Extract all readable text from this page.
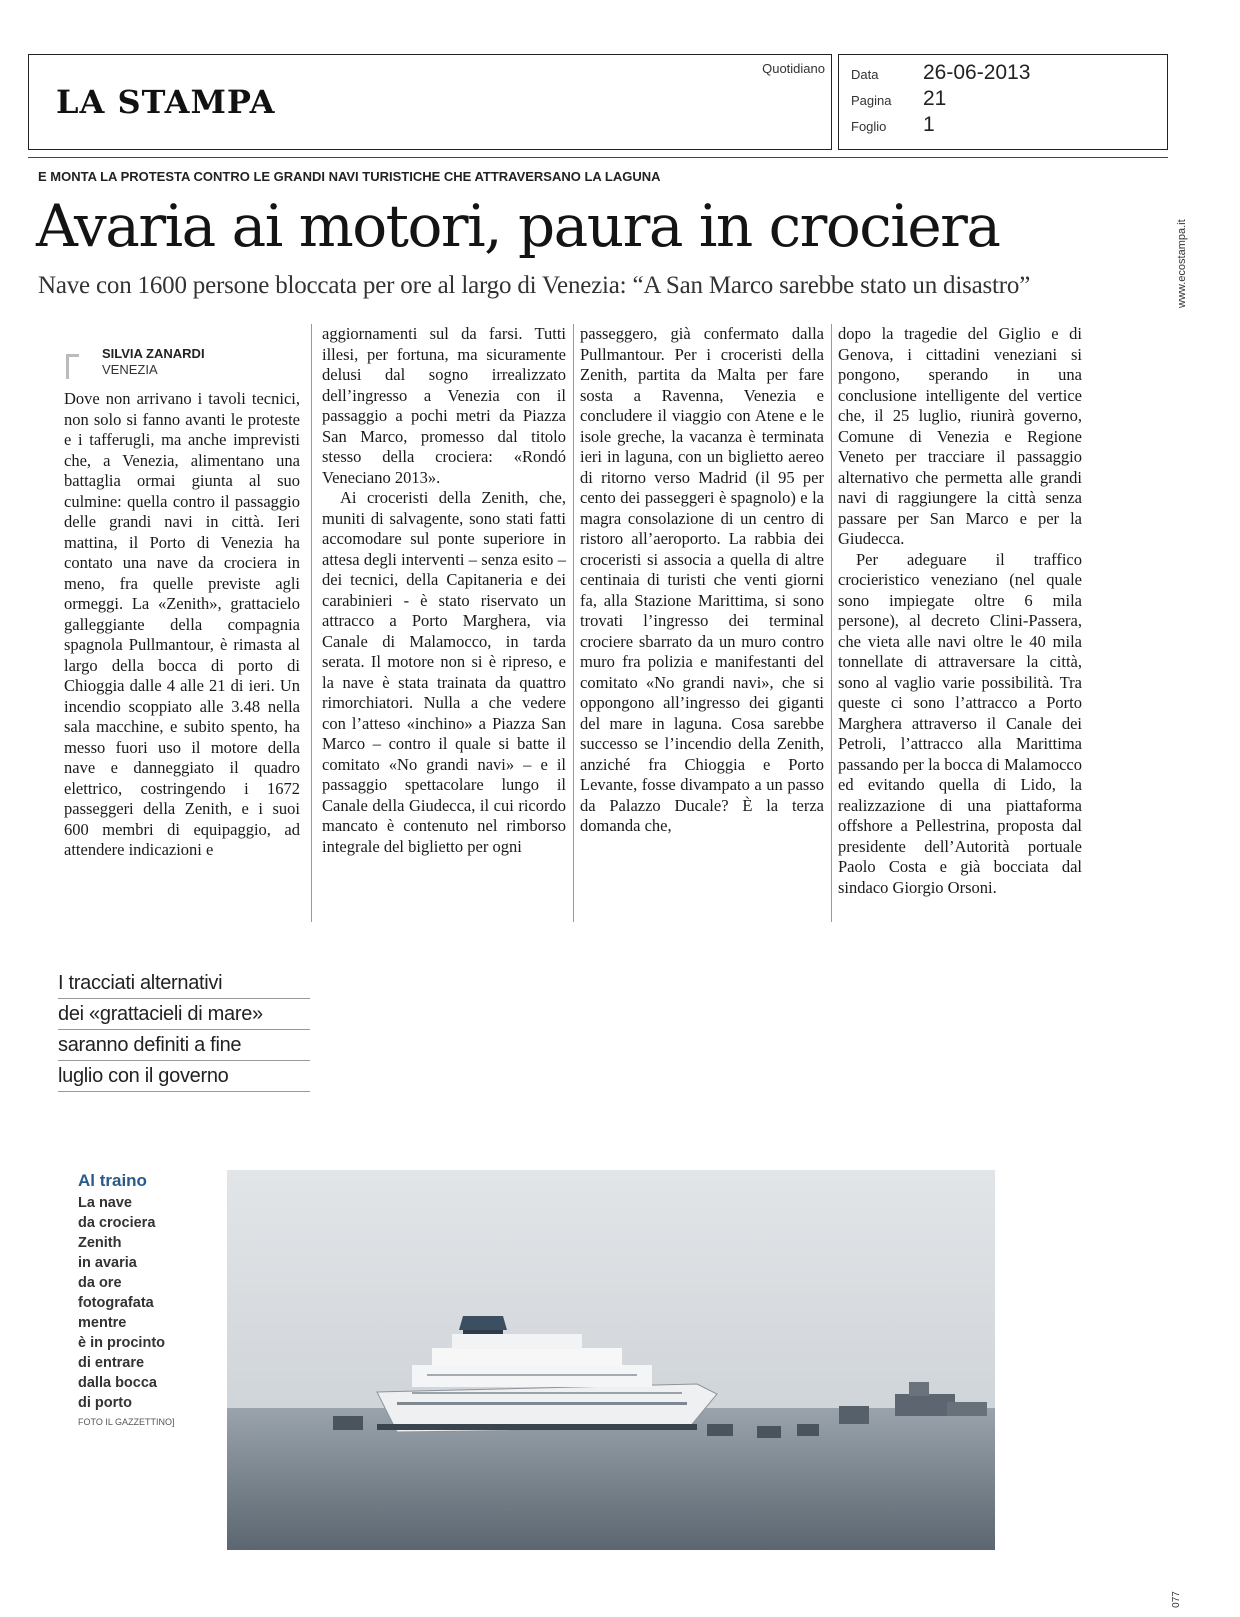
LA STAMPA
Quotidiano Data 26-06-2013
Pagina 21
Foglio 1
www.ecostampa.it
077
E MONTA LA PROTESTA CONTRO LE GRANDI NAVI TURISTICHE CHE ATTRAVERSANO LA LAGUNA
Avaria ai motori, paura in crociera
Nave con 1600 persone bloccata per ore al largo di Venezia: “A San Marco sarebbe stato un disastro”
SILVIA ZANARDI
VENEZIA

Dove non arrivano i tavoli tecnici, non solo si fanno avanti le proteste e i tafferugli, ma anche imprevisti che, a Venezia, alimentano una battaglia ormai giunta al suo culmine: quella contro il passaggio delle grandi navi in città. Ieri mattina, il Porto di Venezia ha contato una nave da crociera in meno, fra quelle previste agli ormeggi. La «Zenith», grattacielo galleggiante della compagnia spagnola Pullmantour, è rimasta al largo della bocca di porto di Chioggia dalle 4 alle 21 di ieri. Un incendio scoppiato alle 3.48 nella sala macchine, e subito spento, ha messo fuori uso il motore della nave e danneggiato il quadro elettrico, costringendo i 1672 passeggeri della Zenith, e i suoi 600 membri di equipaggio, ad attendere indicazioni e

aggiornamenti sul da farsi. Tutti illesi, per fortuna, ma sicuramente delusi dal sogno irrealizzato dell’ingresso a Venezia con il passaggio a pochi metri da Piazza San Marco, promesso dal titolo stesso della crociera: «Rondó Veneciano 2013».

Ai croceristi della Zenith, che, muniti di salvagente, sono stati fatti accomodare sul ponte superiore in attesa degli interventi – senza esito – dei tecnici, della Capitaneria e dei carabinieri - è stato riservato un attracco a Porto Marghera, via Canale di Malamocco, in tarda serata. Il motore non si è ripreso, e la nave è stata trainata da quattro rimorchiatori. Nulla a che vedere con l’atteso «inchino» a Piazza San Marco – contro il quale si batte il comitato «No grandi navi» – e il passaggio spettacolare lungo il Canale della Giudecca, il cui ricordo mancato è contenuto nel rimborso integrale del biglietto per ogni

passeggero, già confermato dalla Pullmantour. Per i croceristi della Zenith, partita da Malta per fare sosta a Ravenna, Venezia e concludere il viaggio con Atene e le isole greche, la vacanza è terminata ieri in laguna, con un biglietto aereo di ritorno verso Madrid (il 95 per cento dei passeggeri è spagnolo) e la magra consolazione di un centro di ristoro all’aeroporto. La rabbia dei croceristi si associa a quella di altre centinaia di turisti che venti giorni fa, alla Stazione Marittima, si sono trovati l’ingresso dei terminal crociere sbarrato da un muro contro muro fra polizia e manifestanti del comitato «No grandi navi», che si oppongono all’ingresso dei giganti del mare in laguna. Cosa sarebbe successo se l’incendio della Zenith, anziché fra Chioggia e Porto Levante, fosse divampato a un passo da Palazzo Ducale? È la terza domanda che,

dopo la tragedie del Giglio e di Genova, i cittadini veneziani si pongono, sperando in una conclusione intelligente del vertice che, il 25 luglio, riunirà governo, Comune di Venezia e Regione Veneto per tracciare il passaggio alternativo che permetta alle grandi navi di raggiungere la città senza passare per San Marco e per la Giudecca.

Per adeguare il traffico crocieristico veneziano (nel quale sono impiegate oltre 6 mila persone), al decreto Clini-Passera, che vieta alle navi oltre le 40 mila tonnellate di attraversare la città, sono al vaglio varie possibilità. Tra queste ci sono l’attracco a Porto Marghera attraverso il Canale dei Petroli, l’attracco alla Marittima passando per la bocca di Malamocco ed evitando quella di Lido, la realizzazione di una piattaforma offshore a Pellestrina, proposta dal presidente dell’Autorità portuale Paolo Costa e già bocciata dal sindaco Giorgio Orsoni.

I tracciati alternativi
dei «grattacieli di mare»
saranno definiti a fine
luglio con il governo
Al traino
La nave
da crociera
Zenith
in avaria
da ore
fotografata
mentre
è in procinto
di entrare
dalla bocca
di porto
FOTO IL GAZZETTINO]
